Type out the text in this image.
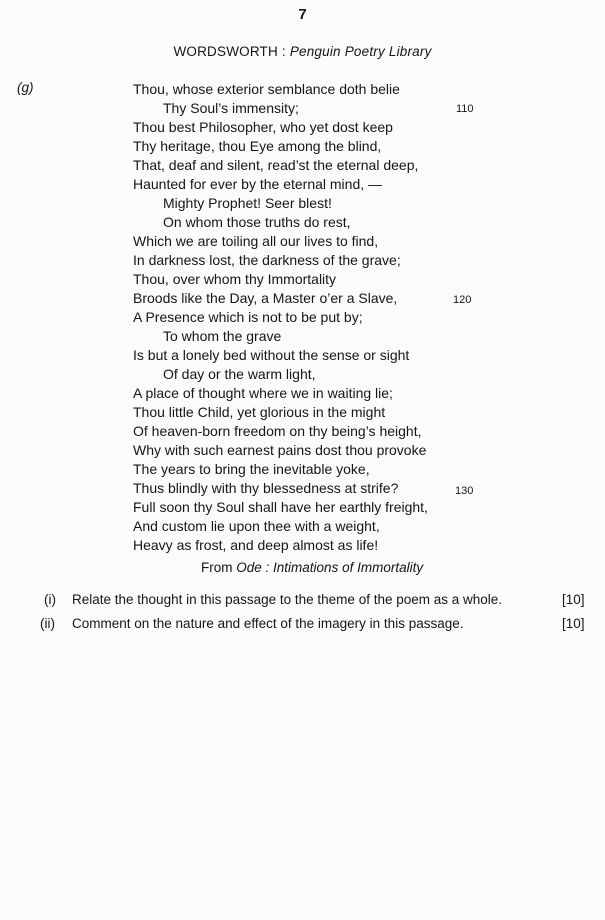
7
WORDSWORTH : Penguin Poetry Library
(g)	Thou, whose exterior semblance doth belie
Thy Soul’s immensity;
Thou best Philosopher, who yet dost keep
Thy heritage, thou Eye among the blind,
That, deaf and silent, read’st the eternal deep,
Haunted for ever by the eternal mind, —
Mighty Prophet! Seer blest!
On whom those truths do rest,
Which we are toiling all our lives to find,
In darkness lost, the darkness of the grave;
Thou, over whom thy Immortality
Broods like the Day, a Master o’er a Slave,
A Presence which is not to be put by;
To whom the grave
Is but a lonely bed without the sense or sight
Of day or the warm light,
A place of thought where we in waiting lie;
Thou little Child, yet glorious in the might
Of heaven-born freedom on thy being’s height,
Why with such earnest pains dost thou provoke
The years to bring the inevitable yoke,
Thus blindly with thy blessedness at strife?
Full soon thy Soul shall have her earthly freight,
And custom lie upon thee with a weight,
Heavy as frost, and deep almost as life!
110
120
130
From Ode : Intimations of Immortality
(i) Relate the thought in this passage to the theme of the poem as a whole.	[10]
(ii) Comment on the nature and effect of the imagery in this passage.	[10]
